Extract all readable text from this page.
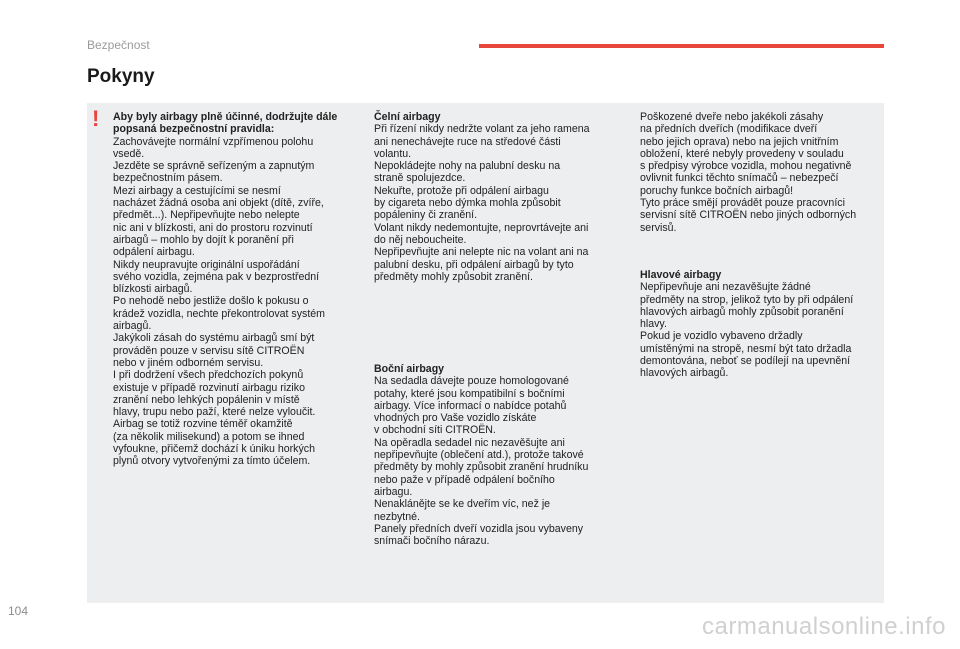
Bezpečnost
Pokyny
! Aby byly airbagy plně účinné, dodržujte dále popsaná bezpečnostní pravidla:

Zachovávejte normální vzpřímenou polohu
vsedě.
Jezděte se správně seřízeným a zapnutým
bezpečnostním pásem.
Mezi airbagy a cestujícími se nesmí
nacházet žádná osoba ani objekt (dítě, zvíře,
předmět...). Nepřipevňujte nebo nelepte
nic ani v blízkosti, ani do prostoru rozvinutí
airbagů – mohlo by dojít k poranění při
odpálení airbagu.
Nikdy neupravujte originální uspořádání
svého vozidla, zejména pak v bezprostřední
blízkosti airbagů.
Po nehodě nebo jestliže došlo k pokusu o
krádež vozidla, nechte překontrolovat systém
airbagů.
Jakýkoli zásah do systému airbagů smí být
prováděn pouze v servisu sítě CITROËN
nebo v jiném odborném servisu.
I při dodržení všech předchozích pokynů
existuje v případě rozvinutí airbagu riziko
zranění nebo lehkých popálenin v místě
hlavy, trupu nebo paží, které nelze vyloučit.
Airbag se totiž rozvine téměř okamžitě
(za několik milisekund) a potom se ihned
vyfoukne, přičemž dochází k úniku horkých
plynů otvory vytvořenými za tímto účelem.

Čelní airbagy

Při řízení nikdy nedržte volant za jeho ramena
ani nenechávejte ruce na středové části
volantu.
Nepokládejte nohy na palubní desku na
straně spolujezdce.
Nekuřte, protože při odpálení airbagu
by cigareta nebo dýmka mohla způsobit
popáleniny či zranění.
Volant nikdy nedemontujte, neprovrtávejte ani
do něj neboucheite.
Nepřipevňujte ani nelepte nic na volant ani na
palubní desku, při odpálení airbagů by tyto
předměty mohly způsobit zranění.

Boční airbagy

Na sedadla dávejte pouze homologované
potahy, které jsou kompatibilní s bočními
airbagy. Více informací o nabídce potahů
vhodných pro Vaše vozidlo získáte
v obchodní síti CITROËN.
Na opěradla sedadel nic nezavěšujte ani
nepřipevňujte (oblečení atd.), protože takové
předměty by mohly způsobit zranění hrudníku
nebo paže v případě odpálení bočního
airbagu.
Nenaklánějte se ke dveřím víc, než je
nezbytné.
Panely předních dveří vozidla jsou vybaveny
snímači bočního nárazu.
Poškozené dveře nebo jakékoli zásahy
na předních dveřích (modifikace dveří
nebo jejich oprava) nebo na jejich vnitřním
obložení, které nebyly provedeny v souladu
s předpisy výrobce vozidla, mohou negativně
ovlivnit funkci těchto snímačů – nebezpečí
poruchy funkce bočních airbagů!
Tyto práce smějí provádět pouze pracovníci
servisní sítě CITROËN nebo jiných odborných
servisů.

Hlavové airbagy

Nepřipevňuje ani nezavěšujte žádné
předměty na strop, jelikož tyto by při odpálení
hlavových airbagů mohly způsobit poranění
hlavy.
Pokud je vozidlo vybaveno držadly
umístěnými na stropě, nesmí být tato držadla
demontována, neboť se podílejí na upevnění
hlavových airbagů.
104
carmanualsonline.info
